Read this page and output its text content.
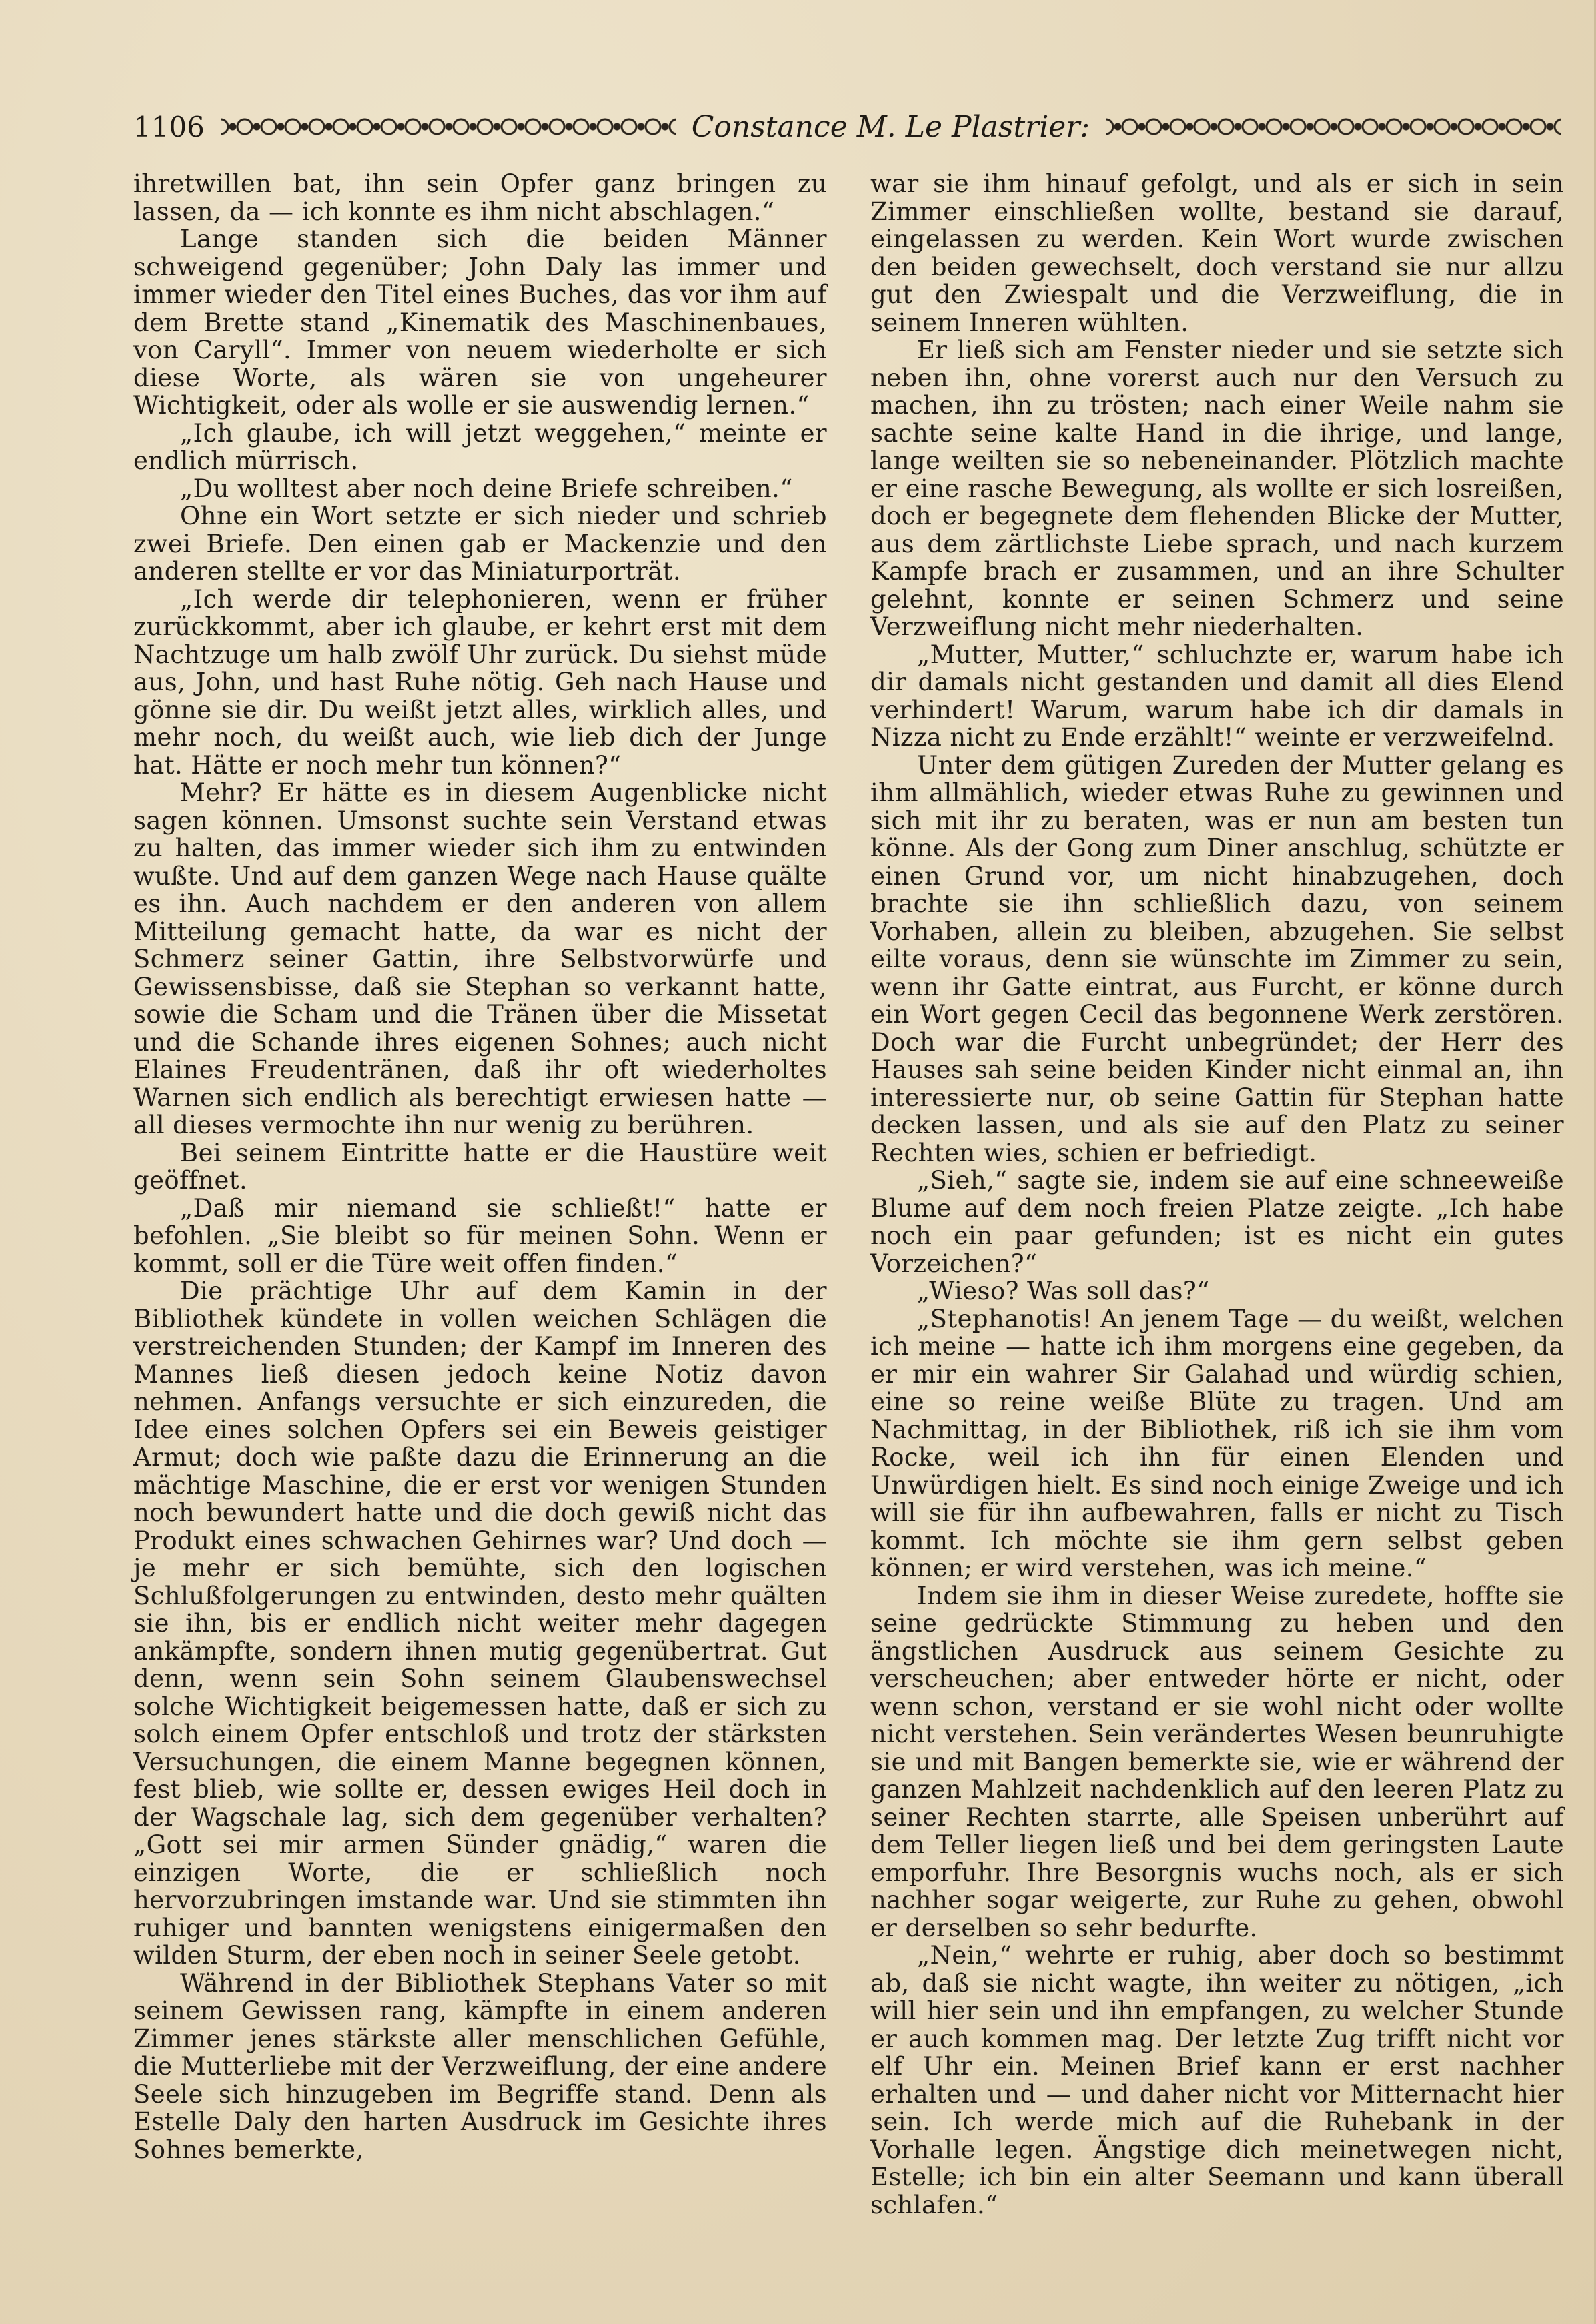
1106	Constance M. Le Plastrier:

ihretwillen bat, ihn sein Opfer ganz bringen zu lassen, da — ich konnte es ihm nicht abschlagen.“

Lange standen sich die beiden Männer schweigend gegenüber; John Daly las immer und immer wieder den Titel eines Buches, das vor ihm auf dem Brette stand „Kinematik des Maschinenbaues, von Caryll“. Immer von neuem wiederholte er sich diese Worte, als wären sie von ungeheurer Wichtigkeit, oder als wolle er sie auswendig lernen.“

„Ich glaube, ich will jetzt weggehen,“ meinte er endlich mürrisch.

„Du wolltest aber noch deine Briefe schreiben.“

Ohne ein Wort setzte er sich nieder und schrieb zwei Briefe. Den einen gab er Mackenzie und den anderen stellte er vor das Miniaturporträt.

„Ich werde dir telephonieren, wenn er früher zurückkommt, aber ich glaube, er kehrt erst mit dem Nachtzuge um halb zwölf Uhr zurück. Du siehst müde aus, John, und hast Ruhe nötig. Geh nach Hause und gönne sie dir. Du weißt jetzt alles, wirklich alles, und mehr noch, du weißt auch, wie lieb dich der Junge hat. Hätte er noch mehr tun können?“

Mehr? Er hätte es in diesem Augenblicke nicht sagen können. Umsonst suchte sein Verstand etwas zu halten, das immer wieder sich ihm zu entwinden wußte. Und auf dem ganzen Wege nach Hause quälte es ihn. Auch nachdem er den anderen von allem Mitteilung gemacht hatte, da war es nicht der Schmerz seiner Gattin, ihre Selbstvorwürfe und Gewissensbisse, daß sie Stephan so verkannt hatte, sowie die Scham und die Tränen über die Missetat und die Schande ihres eigenen Sohnes; auch nicht Elaines Freudentränen, daß ihr oft wiederholtes Warnen sich endlich als berechtigt erwiesen hatte — all dieses vermochte ihn nur wenig zu berühren.

Bei seinem Eintritte hatte er die Haustüre weit geöffnet.

„Daß mir niemand sie schließt!“ hatte er befohlen. „Sie bleibt so für meinen Sohn. Wenn er kommt, soll er die Türe weit offen finden.“

Die prächtige Uhr auf dem Kamin in der Bibliothek kündete in vollen weichen Schlägen die verstreichenden Stunden; der Kampf im Inneren des Mannes ließ diesen jedoch keine Notiz davon nehmen. Anfangs versuchte er sich einzureden, die Idee eines solchen Opfers sei ein Beweis geistiger Armut; doch wie paßte dazu die Erinnerung an die mächtige Maschine, die er erst vor wenigen Stunden noch bewundert hatte und die doch gewiß nicht das Produkt eines schwachen Gehirnes war? Und doch — je mehr er sich bemühte, sich den logischen Schlußfolgerungen zu entwinden, desto mehr quälten sie ihn, bis er endlich nicht weiter mehr dagegen ankämpfte, sondern ihnen mutig gegenübertrat. Gut denn, wenn sein Sohn seinem Glaubenswechsel solche Wichtigkeit beigemessen hatte, daß er sich zu solch einem Opfer entschloß und trotz der stärksten Versuchungen, die einem Manne begegnen können, fest blieb, wie sollte er, dessen ewiges Heil doch in der Wagschale lag, sich dem gegenüber verhalten? „Gott sei mir armen Sünder gnädig,“ waren die einzigen Worte, die er schließlich noch hervorzubringen imstande war. Und sie stimmten ihn ruhiger und bannten wenigstens einigermaßen den wilden Sturm, der eben noch in seiner Seele getobt.

Während in der Bibliothek Stephans Vater so mit seinem Gewissen rang, kämpfte in einem anderen Zimmer jenes stärkste aller menschlichen Gefühle, die Mutterliebe mit der Verzweiflung, der eine andere Seele sich hinzugeben im Begriffe stand. Denn als Estelle Daly den harten Ausdruck im Gesichte ihres Sohnes bemerkte,

war sie ihm hinauf gefolgt, und als er sich in sein Zimmer einschließen wollte, bestand sie darauf, eingelassen zu werden. Kein Wort wurde zwischen den beiden gewechselt, doch verstand sie nur allzu gut den Zwiespalt und die Verzweiflung, die in seinem Inneren wühlten.

Er ließ sich am Fenster nieder und sie setzte sich neben ihn, ohne vorerst auch nur den Versuch zu machen, ihn zu trösten; nach einer Weile nahm sie sachte seine kalte Hand in die ihrige, und lange, lange weilten sie so nebeneinander. Plötzlich machte er eine rasche Bewegung, als wollte er sich losreißen, doch er begegnete dem flehenden Blicke der Mutter, aus dem zärtlichste Liebe sprach, und nach kurzem Kampfe brach er zusammen, und an ihre Schulter gelehnt, konnte er seinen Schmerz und seine Verzweiflung nicht mehr niederhalten.

„Mutter, Mutter,“ schluchzte er, warum habe ich dir damals nicht gestanden und damit all dies Elend verhindert! Warum, warum habe ich dir damals in Nizza nicht zu Ende erzählt!“ weinte er verzweifelnd.

Unter dem gütigen Zureden der Mutter gelang es ihm allmählich, wieder etwas Ruhe zu gewinnen und sich mit ihr zu beraten, was er nun am besten tun könne. Als der Gong zum Diner anschlug, schützte er einen Grund vor, um nicht hinabzugehen, doch brachte sie ihn schließlich dazu, von seinem Vorhaben, allein zu bleiben, abzugehen. Sie selbst eilte voraus, denn sie wünschte im Zimmer zu sein, wenn ihr Gatte eintrat, aus Furcht, er könne durch ein Wort gegen Cecil das begonnene Werk zerstören. Doch war die Furcht unbegründet; der Herr des Hauses sah seine beiden Kinder nicht einmal an, ihn interessierte nur, ob seine Gattin für Stephan hatte decken lassen, und als sie auf den Platz zu seiner Rechten wies, schien er befriedigt.

„Sieh,“ sagte sie, indem sie auf eine schneeweiße Blume auf dem noch freien Platze zeigte. „Ich habe noch ein paar gefunden; ist es nicht ein gutes Vorzeichen?“

„Wieso? Was soll das?“

„Stephanotis! An jenem Tage — du weißt, welchen ich meine — hatte ich ihm morgens eine gegeben, da er mir ein wahrer Sir Galahad und würdig schien, eine so reine weiße Blüte zu tragen. Und am Nachmittag, in der Bibliothek, riß ich sie ihm vom Rocke, weil ich ihn für einen Elenden und Unwürdigen hielt. Es sind noch einige Zweige und ich will sie für ihn aufbewahren, falls er nicht zu Tisch kommt. Ich möchte sie ihm gern selbst geben können; er wird verstehen, was ich meine.“

Indem sie ihm in dieser Weise zuredete, hoffte sie seine gedrückte Stimmung zu heben und den ängstlichen Ausdruck aus seinem Gesichte zu verscheuchen; aber entweder hörte er nicht, oder wenn schon, verstand er sie wohl nicht oder wollte nicht verstehen. Sein verändertes Wesen beunruhigte sie und mit Bangen bemerkte sie, wie er während der ganzen Mahlzeit nachdenklich auf den leeren Platz zu seiner Rechten starrte, alle Speisen unberührt auf dem Teller liegen ließ und bei dem geringsten Laute emporfuhr. Ihre Besorgnis wuchs noch, als er sich nachher sogar weigerte, zur Ruhe zu gehen, obwohl er derselben so sehr bedurfte.

„Nein,“ wehrte er ruhig, aber doch so bestimmt ab, daß sie nicht wagte, ihn weiter zu nötigen, „ich will hier sein und ihn empfangen, zu welcher Stunde er auch kommen mag. Der letzte Zug trifft nicht vor elf Uhr ein. Meinen Brief kann er erst nachher erhalten und — und daher nicht vor Mitternacht hier sein. Ich werde mich auf die Ruhebank in der Vorhalle legen. Ängstige dich meinetwegen nicht, Estelle; ich bin ein alter Seemann und kann überall schlafen.“
